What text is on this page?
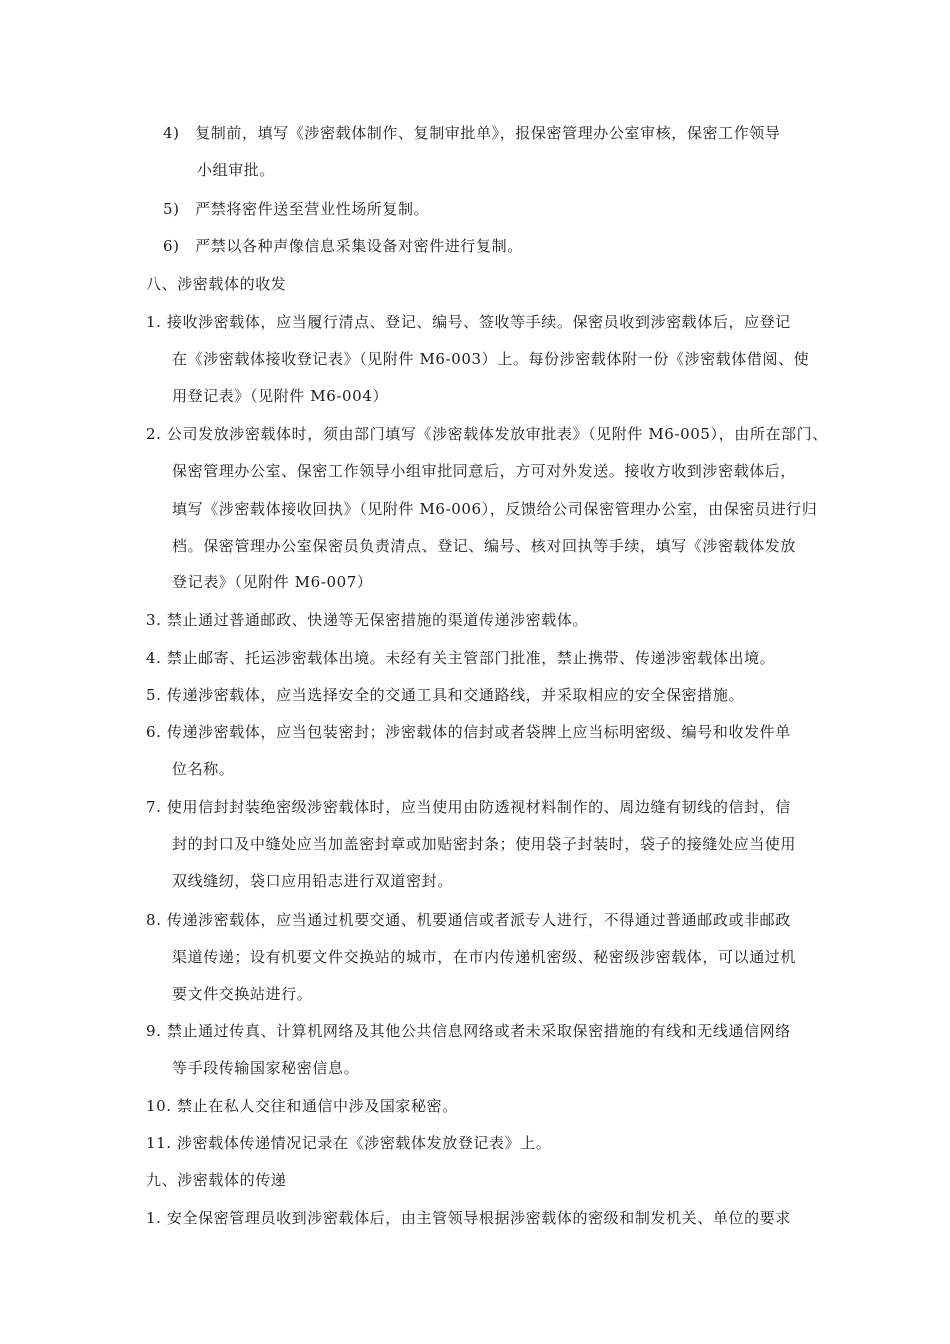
4)　复制前，填写《涉密载体制作、复制审批单》，报保密管理办公室审核，保密工作领导
小组审批。
5)　严禁将密件送至营业性场所复制。
6)　严禁以各种声像信息采集设备对密件进行复制。
八、涉密载体的收发
1. 接收涉密载体，应当履行清点、登记、编号、签收等手续。保密员收到涉密载体后，应登记
在《涉密载体接收登记表》（见附件 M6-003）上。每份涉密载体附一份《涉密载体借阅、使
用登记表》（见附件 M6-004）
2. 公司发放涉密载体时，须由部门填写《涉密载体发放审批表》（见附件 M6-005），由所在部门、
保密管理办公室、保密工作领导小组审批同意后，方可对外发送。接收方收到涉密载体后，
填写《涉密载体接收回执》（见附件 M6-006），反馈给公司保密管理办公室，由保密员进行归
档。保密管理办公室保密员负责清点、登记、编号、核对回执等手续，填写《涉密载体发放
登记表》（见附件 M6-007）
3. 禁止通过普通邮政、快递等无保密措施的渠道传递涉密载体。
4. 禁止邮寄、托运涉密载体出境。未经有关主管部门批准，禁止携带、传递涉密载体出境。
5. 传递涉密载体，应当选择安全的交通工具和交通路线，并采取相应的安全保密措施。
6. 传递涉密载体，应当包装密封；涉密载体的信封或者袋牌上应当标明密级、编号和收发件单
位名称。
7. 使用信封封装绝密级涉密载体时，应当使用由防透视材料制作的、周边缝有韧线的信封，信
封的封口及中缝处应当加盖密封章或加贴密封条；使用袋子封装时，袋子的接缝处应当使用
双线缝纫，袋口应用铅志进行双道密封。
8. 传递涉密载体，应当通过机要交通、机要通信或者派专人进行，不得通过普通邮政或非邮政
渠道传递；设有机要文件交换站的城市，在市内传递机密级、秘密级涉密载体，可以通过机
要文件交换站进行。
9. 禁止通过传真、计算机网络及其他公共信息网络或者未采取保密措施的有线和无线通信网络
等手段传输国家秘密信息。
10. 禁止在私人交往和通信中涉及国家秘密。
11. 涉密载体传递情况记录在《涉密载体发放登记表》上。
九、涉密载体的传递
1. 安全保密管理员收到涉密载体后，由主管领导根据涉密载体的密级和制发机关、单位的要求
